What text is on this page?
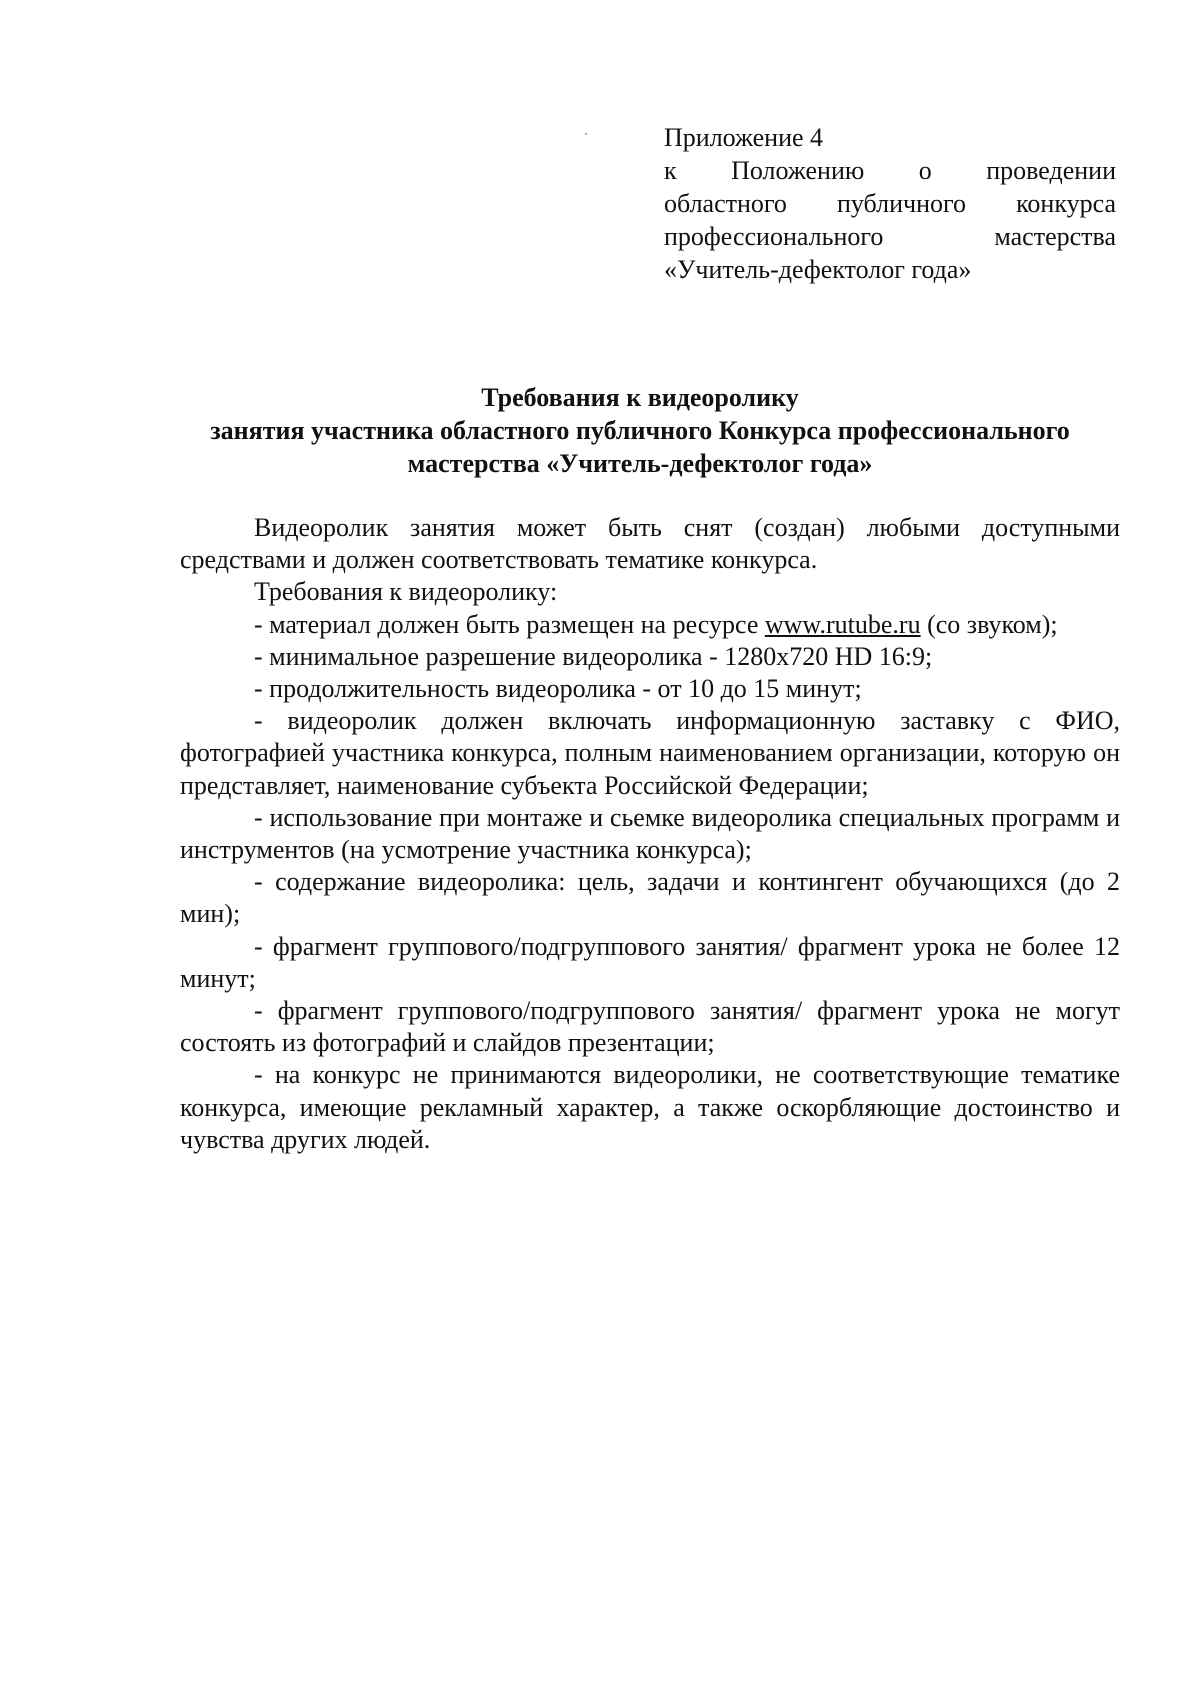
Приложение 4
к Положению о проведении
областного публичного конкурса
профессионального	мастерства
«Учитель-дефектолог года»
Требования к видеоролику
занятия участника областного публичного Конкурса профессионального
мастерства «Учитель-дефектолог года»

Видеоролик занятия может быть снят (создан) любыми доступными средствами и должен соответствовать тематике конкурса.

Требования к видеоролику:

- материал должен быть размещен на ресурсе www.rutube.ru (со звуком);

- минимальное разрешение видеоролика - 1280x720 HD 16:9;

- продолжительность видеоролика - от 10 до 15 минут;

- видеоролик должен включать информационную заставку с ФИО, фотографией участника конкурса, полным наименованием организации, которую он представляет, наименование субъекта Российской Федерации;

- использование при монтаже и сьемке видеоролика специальных программ и инструментов (на усмотрение участника конкурса);

- содержание видеоролика: цель, задачи и контингент обучающихся (до 2 мин);

- фрагмент группового/подгруппового занятия/ фрагмент урока не более 12 минут;

- фрагмент группового/подгруппового занятия/ фрагмент урока не могут состоять из фотографий и слайдов презентации;

- на конкурс не принимаются видеоролики, не соответствующие тематике конкурса, имеющие рекламный характер, а также оскорбляющие достоинство и чувства других людей.
